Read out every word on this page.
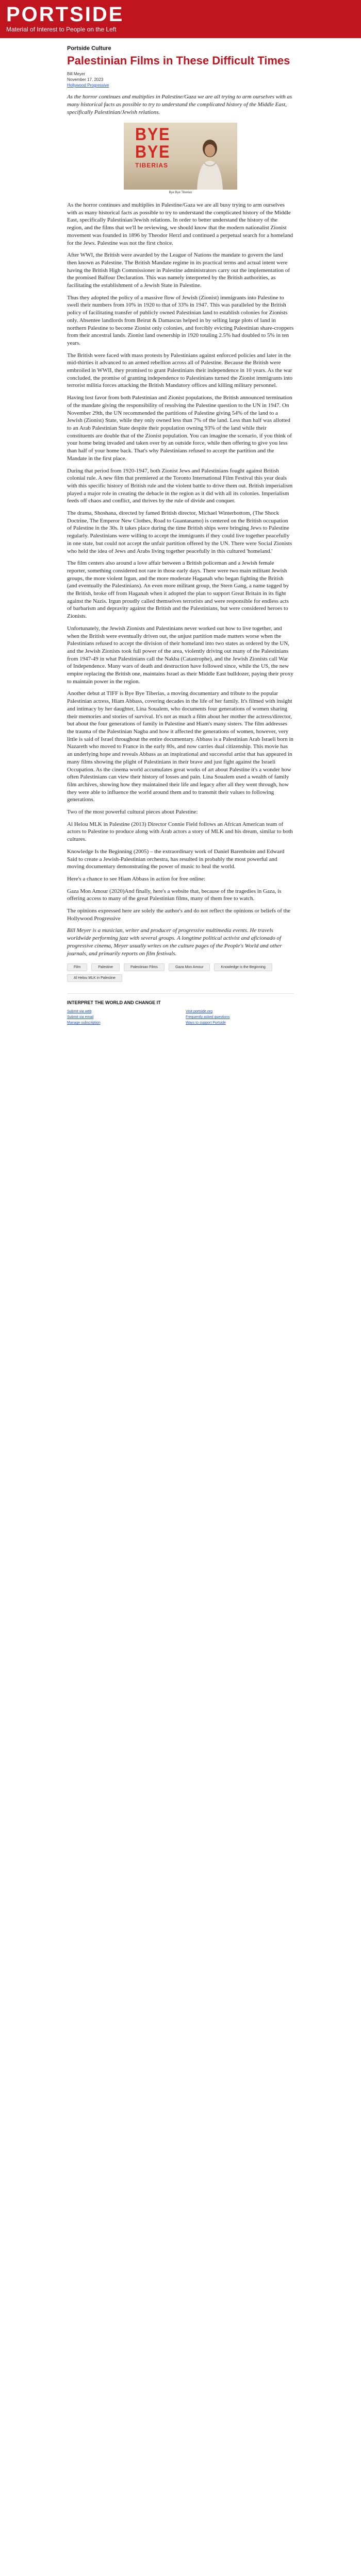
PORTSIDE
Material of Interest to People on the Left
Portside Culture
Palestinian Films in These Difficult Times
Bill Meyer
November 17, 2023
Hollywood Progressive

As the horror continues and multiplies in Palestine/Gaza we are all trying to arm ourselves with as many historical facts as possible to try to understand the complicated history of the Middle East, specifically Palestinian/Jewish relations.

BYE
BYE
TIBERIAS
Bye Bye Tiberias

As the horror continues and multiplies in Palestine/Gaza we are all busy trying to arm ourselves with as many historical facts as possible to try to understand the complicated history of the Middle East, specifically Palestinian/Jewish relations. In order to better understand the history of the region, and the films that we'll be reviewing, we should know that the modern nationalist Zionist movement was founded in 1896 by Theodor Herzl and continued a perpetual search for a homeland for the Jews. Palestine was not the first choice.

After WWI, the British were awarded by the League of Nations the mandate to govern the land then known as Palestine. The British Mandate regime in its practical terms and actual intent were having the British High Commissioner in Palestine administrators carry out the implementation of the promised Balfour Declaration. This was namely interpreted by the British authorities, as facilitating the establishment of a Jewish State in Palestine.

Thus they adopted the policy of a massive flow of Jewish (Zionist) immigrants into Palestine to swell their numbers from 10% in 1920 to that of 33% in 1947. This was paralleled by the British policy of facilitating transfer of publicly owned Palestinian land to establish colonies for Zionists only. Absentee landlords from Beirut & Damascus helped in by selling large plots of land in northern Palestine to become Zionist only colonies, and forcibly evicting Palestinian share-croppers from their ancestral lands. Zionist land ownership in 1920 totaling 2.5% had doubled to 5% in ten years.

The British were faced with mass protests by Palestinians against enforced policies and later in the mid-thirties it advanced to an armed rebellion across all of Palestine. Because the British were embroiled in WWII, they promised to grant Palestinians their independence in 10 years. As the war concluded, the promise of granting independence to Palestinians turned the Zionist immigrants into terrorist militia forces attacking the British Mandatory offices and killing military personnel.

Having lost favor from both Palestinian and Zionist populations, the British announced termination of the mandate giving the responsibility of resolving the Palestine question to the UN in 1947. On November 29th, the UN recommended the partitions of Palestine giving 54% of the land to a Jewish (Zionist) State, while they only owned less than 7% of the land. Less than half was allotted to an Arab Palestinian State despite their population owning 93% of the land while their constituents are double that of the Zionist population. You can imagine the scenario, if you think of your home being invaded and taken over by an outside force, while then offering to give you less than half of your home back. That's why Palestinians refused to accept the partition and the Mandate in the first place.

During that period from 1920-1947, both Zionist Jews and Palestinians fought against British colonial rule. A new film that premiered at the Toronto International Film Festival this year deals with this specific history of British rule and the violent battle to drive them out. British imperialism played a major role in creating the debacle in the region as it did with all its colonies. Imperialism feeds off chaos and conflict, and thrives by the rule of divide and conquer.

The drama, Shoshana, directed by famed British director, Michael Winterbottom, (The Shock Doctrine, The Emperor New Clothes, Road to Guantanamo) is centered on the British occupation of Palestine in the 30s. It takes place during the time British ships were bringing Jews to Palestine regularly. Palestinians were willing to accept the immigrants if they could live together peacefully in one state, but could not accept the unfair partition offered by the UN. There were Social Zionists who held the idea of Jews and Arabs living together peacefully in this cultured 'homeland.'

The film centers also around a love affair between a British policeman and a Jewish female reporter, something considered not rare in those early days. There were two main militant Jewish groups, the more violent Irgun, and the more moderate Haganah who began fighting the British (and eventually the Palestinians). An even more militant group, the Stern Gang, a name tagged by the British, broke off from Haganah when it adopted the plan to support Great Britain in its fight against the Nazis. Irgun proudly called themselves terrorists and were responsible for endless acts of barbarism and depravity against the British and the Palestinians, but were considered heroes to Zionists.

Unfortunately, the Jewish Zionists and Palestinians never worked out how to live together, and when the British were eventually driven out, the unjust partition made matters worse when the Palestinians refused to accept the division of their homeland into two states as ordered by the UN, and the Jewish Zionists took full power of the area, violently driving out many of the Palestinians from 1947-49 in what Palestinians call the Nakba (Catastrophe), and the Jewish Zionists call War of Independence. Many wars of death and destruction have followed since, while the US, the new empire replacing the British one, maintains Israel as their Middle East bulldozer, paying their proxy to maintain power in the region.

Another debut at TIFF is Bye Bye Tiberias, a moving documentary and tribute to the popular Palestinian actress, Hiam Abbass, covering decades in the life of her family. It's filmed with insight and intimacy by her daughter, Lina Soualem, who documents four generations of women sharing their memories and stories of survival. It's not as much a film about her mother the actress/director, but about the four generations of family in Palestine and Hiam's many sisters. The film addresses the trauma of the Palestinian Nagba and how it affected the generations of women, however, very little is said of Israel throughout the entire documentary. Abbass is a Palestinian Arab Israeli born in Nazareth who moved to France in the early 80s, and now carries dual citizenship. This movie has an underlying hope and reveals Abbass as an inspirational and successful artist that has appeared in many films showing the plight of Palestinians in their brave and just fight against the Israeli Occupation. As the cinema world accumulates great works of art about Palestine it's a wonder how often Palestinians can view their history of losses and pain. Lina Soualem used a wealth of family film archives, showing how they maintained their life and legacy after all they went through, how they were able to influence the world around them and to transmit their values to following generations.

Two of the most powerful cultural pieces about Palestine:

Al Helou MLK in Palestine (2013) Director Connie Field follows an African American team of actors to Palestine to produce along with Arab actors a story of MLK and his dream, similar to both cultures.

Knowledge Is the Beginning (2005) – the extraordinary work of Daniel Barenboim and Edward Said to create a Jewish-Palestinian orchestra, has resulted in probably the most powerful and moving documentary demonstrating the power of music to heal the world.

Here's a chance to see Hiam Abbass in action for free online:

Gaza Mon Amour (2020)And finally, here's a website that, because of the tragedies in Gaza, is offering access to many of the great Palestinian films, many of them free to watch.

The opinions expressed here are solely the author's and do not reflect the opinions or beliefs of the Hollywood Progressive

Bill Meyer is a musician, writer and producer of progressive multimedia events. He travels worldwide performing jazz with several groups. A longtime political activist and aficionado of progressive cinema, Meyer usually writes on the culture pages of the People's World and other journals, and primarily reports on film festivals.

Film	Palestine	Palestinian Films	Gaza Mon Amour	Knowledge is the Beginning
Al Helou MLK in Palestine
INTERPRET THE WORLD AND CHANGE IT
Submit via web	Visit portside.org
Submit via email	Frequently asked questions
Manage subscription	Ways to support Portside
